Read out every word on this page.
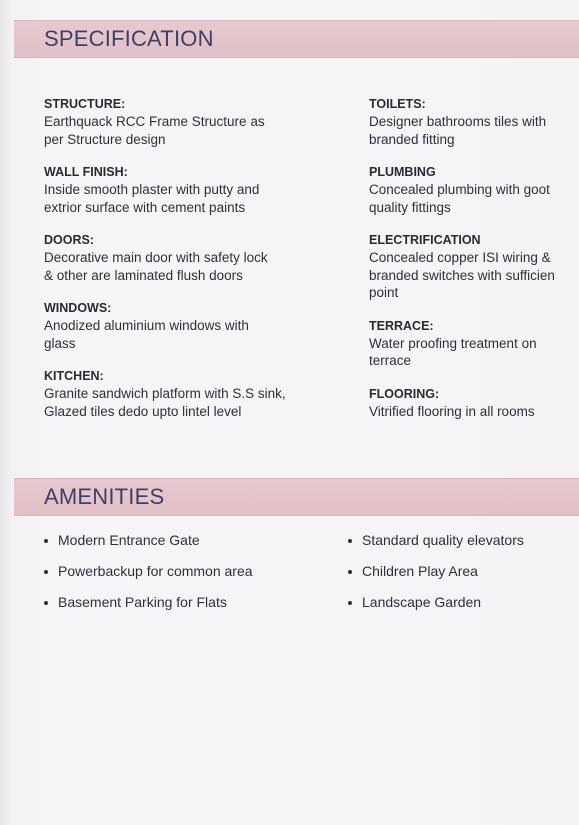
SPECIFICATION
STRUCTURE:
Earthquack RCC Frame Structure as
per Structure design
WALL FINISH:
Inside smooth plaster with putty and
extrior surface with cement paints
DOORS:
Decorative main door with safety lock
& other are laminated flush doors
WINDOWS:
Anodized aluminium windows with
glass
KITCHEN:
Granite sandwich platform with S.S sink,
Glazed tiles dedo upto lintel level
TOILETS:
Designer bathrooms tiles with
branded fitting
PLUMBING
Concealed plumbing with goot
quality fittings
ELECTRIFICATION
Concealed copper ISI wiring &
branded switches with sufficien
point
TERRACE:
Water proofing treatment on
terrace
FLOORING:
Vitrified flooring in all rooms
AMENITIES
Modern Entrance Gate
Powerbackup for common area
Basement Parking for Flats
Standard quality elevators
Children Play Area
Landscape Garden
